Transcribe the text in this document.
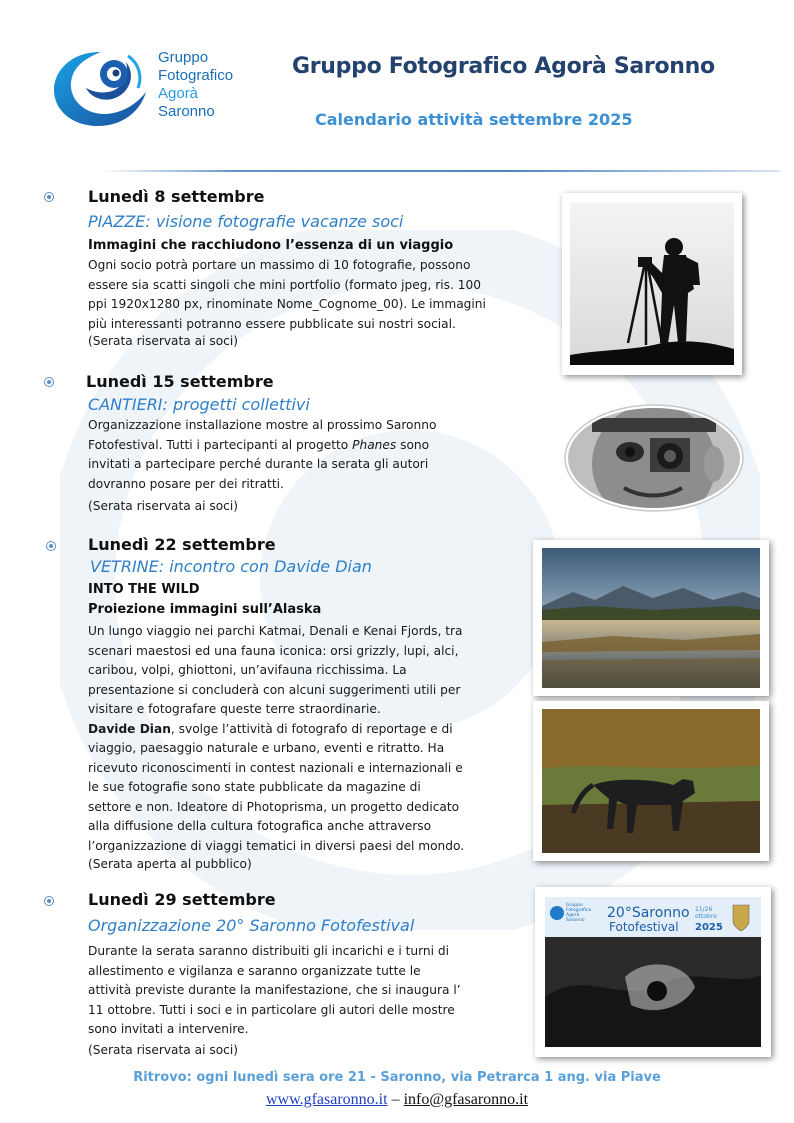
Gruppo
Fotografico
Agorà
Saronno
Gruppo Fotografico Agorà Saronno
Calendario attività settembre 2025
Lunedì 8 settembre
PIAZZE: visione fotografie vacanze soci
Immagini che racchiudono l’essenza di un viaggio

Ogni socio potrà portare un massimo di 10 fotografie, possono

essere sia scatti singoli che mini portfolio (formato jpeg, ris. 100

ppi 1920x1280 px, rinominate Nome_Cognome_00). Le immagini

più interessanti potranno essere pubblicate sui nostri social.

(Serata riservata ai soci)
Lunedì 15 settembre
CANTIERI: progetti collettivi

Organizzazione installazione mostre al prossimo Saronno

Fotofestival. Tutti i partecipanti al progetto Phanes sono

invitati a partecipare perché durante la serata gli autori

dovranno posare per dei ritratti.

(Serata riservata ai soci)
Lunedì 22 settembre
VETRINE: incontro con Davide Dian
INTO THE WILD
Proiezione immagini sull’Alaska

Un lungo viaggio nei parchi Katmai, Denali e Kenai Fjords, tra

scenari maestosi ed una fauna iconica: orsi grizzly, lupi, alci,

caribou, volpi, ghiottoni, un’avifauna ricchissima. La

presentazione si concluderà con alcuni suggerimenti utili per

visitare e fotografare queste terre straordinarie.

Davide Dian, svolge l’attività di fotografo di reportage e di

viaggio, paesaggio naturale e urbano, eventi e ritratto. Ha

ricevuto riconoscimenti in contest nazionali e internazionali e

le sue fotografie sono state pubblicate da magazine di

settore e non. Ideatore di Photoprisma, un progetto dedicato

alla diffusione della cultura fotografica anche attraverso

l’organizzazione di viaggi tematici in diversi paesi del mondo.

(Serata aperta al pubblico)
Lunedì 29 settembre
Organizzazione 20° Saronno Fotofestival

Durante la serata saranno distribuiti gli incarichi e i turni di

allestimento e vigilanza e saranno organizzate tutte le

attività previste durante la manifestazione, che si inaugura l’

11 ottobre. Tutti i soci e in particolare gli autori delle mostre

sono invitati a intervenire.

(Serata riservata ai soci)
Gruppo
Fotografico
Agorà
Saronno 20°Saronno
Fotofestival
11/26
ottobre
2025
Ritrovo: ogni lunedì sera ore 21 - Saronno, via Petrarca 1 ang. via Piave
www.gfasaronno.it – info@gfasaronno.it
